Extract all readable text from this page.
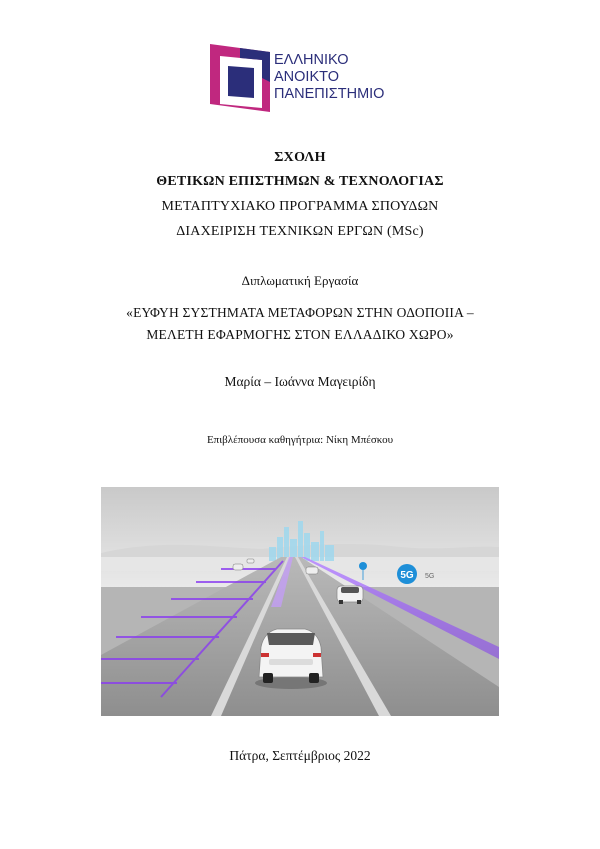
ΕΛΛΗΝΙΚΟ
ΑΝΟΙΚΤΟ
ΠΑΝΕΠΙΣΤΗΜΙΟ
ΣΧΟΛΗ
ΘΕΤΙΚΩΝ ΕΠΙΣΤΗΜΩΝ & ΤΕΧΝΟΛΟΓΙΑΣ
ΜΕΤΑΠΤΥΧΙΑΚΟ ΠΡΟΓΡΑΜΜΑ ΣΠΟΥΔΩΝ
ΔΙΑΧΕΙΡΙΣΗ ΤΕΧΝΙΚΩΝ ΕΡΓΩΝ (MSc)
Διπλωματική Εργασία
«ΕΥΦΥΗ ΣΥΣΤΗΜΑΤΑ ΜΕΤΑΦΟΡΩΝ ΣΤΗΝ ΟΔΟΠΟΙΙΑ –
ΜΕΛΕΤΗ ΕΦΑΡΜΟΓΗΣ ΣΤΟΝ ΕΛΛΑΔΙΚΟ ΧΩΡΟ»
Μαρία – Ιωάννα Μαγειρίδη
Επιβλέπουσα καθηγήτρια: Νίκη Μπέσκου
5G 5G
Πάτρα, Σεπτέμβριος 2022
